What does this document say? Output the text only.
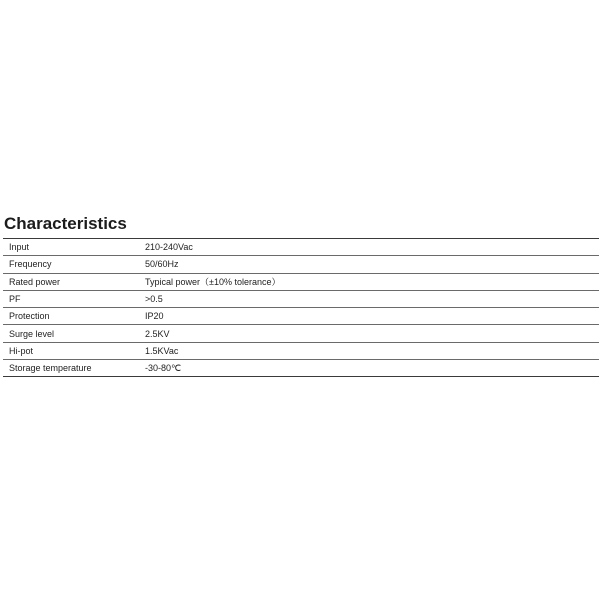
Characteristics
Input	210-240Vac
Frequency	50/60Hz
Rated power	Typical power（±10% tolerance）
PF	>0.5
Protection	IP20
Surge level	2.5KV
Hi-pot	1.5KVac
Storage temperature	-30-80℃
